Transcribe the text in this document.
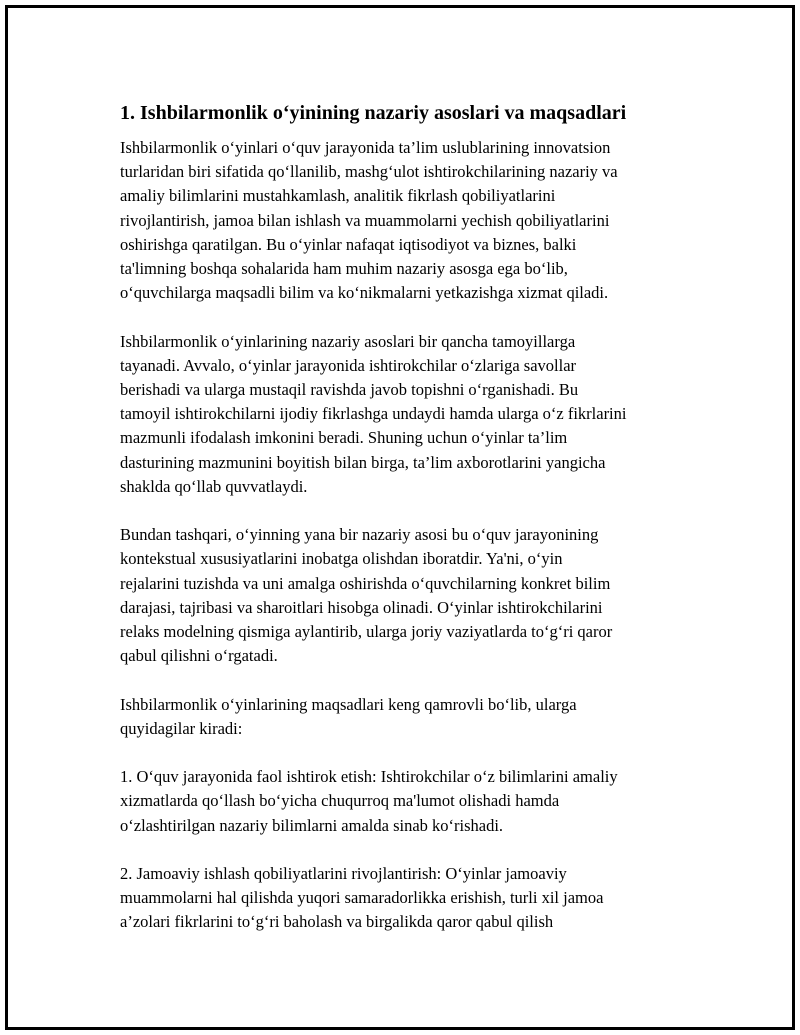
1. Ishbilarmonlik o‘yinining nazariy asoslari va maqsadlari
Ishbilarmonlik o‘yinlari o‘quv jarayonida ta’lim uslublarining innovatsion
turlaridan biri sifatida qo‘llanilib, mashg‘ulot ishtirokchilarining nazariy va
amaliy bilimlarini mustahkamlash, analitik fikrlash qobiliyatlarini
rivojlantirish, jamoa bilan ishlash va muammolarni yechish qobiliyatlarini
oshirishga qaratilgan. Bu o‘yinlar nafaqat iqtisodiyot va biznes, balki
ta'limning boshqa sohalarida ham muhim nazariy asosga ega bo‘lib,
o‘quvchilarga maqsadli bilim va ko‘nikmalarni yetkazishga xizmat qiladi.
Ishbilarmonlik o‘yinlarining nazariy asoslari bir qancha tamoyillarga
tayanadi. Avvalo, o‘yinlar jarayonida ishtirokchilar o‘zlariga savollar
berishadi va ularga mustaqil ravishda javob topishni o‘rganishadi. Bu
tamoyil ishtirokchilarni ijodiy fikrlashga undaydi hamda ularga o‘z fikrlarini
mazmunli ifodalash imkonini beradi. Shuning uchun o‘yinlar ta’lim
dasturining mazmunini boyitish bilan birga, ta’lim axborotlarini yangicha
shaklda qo‘llab quvvatlaydi.
Bundan tashqari, o‘yinning yana bir nazariy asosi bu o‘quv jarayonining
kontekstual xususiyatlarini inobatga olishdan iboratdir. Ya'ni, o‘yin
rejalarini tuzishda va uni amalga oshirishda o‘quvchilarning konkret bilim
darajasi, tajribasi va sharoitlari hisobga olinadi. O‘yinlar ishtirokchilarini
relaks modelning qismiga aylantirib, ularga joriy vaziyatlarda to‘g‘ri qaror
qabul qilishni o‘rgatadi.
Ishbilarmonlik o‘yinlarining maqsadlari keng qamrovli bo‘lib, ularga
quyidagilar kiradi:
1. O‘quv jarayonida faol ishtirok etish: Ishtirokchilar o‘z bilimlarini amaliy
xizmatlarda qo‘llash bo‘yicha chuqurroq ma'lumot olishadi hamda
o‘zlashtirilgan nazariy bilimlarni amalda sinab ko‘rishadi.
2. Jamoaviy ishlash qobiliyatlarini rivojlantirish: O‘yinlar jamoaviy
muammolarni hal qilishda yuqori samaradorlikka erishish, turli xil jamoa
a’zolari fikrlarini to‘g‘ri baholash va birgalikda qaror qabul qilish
